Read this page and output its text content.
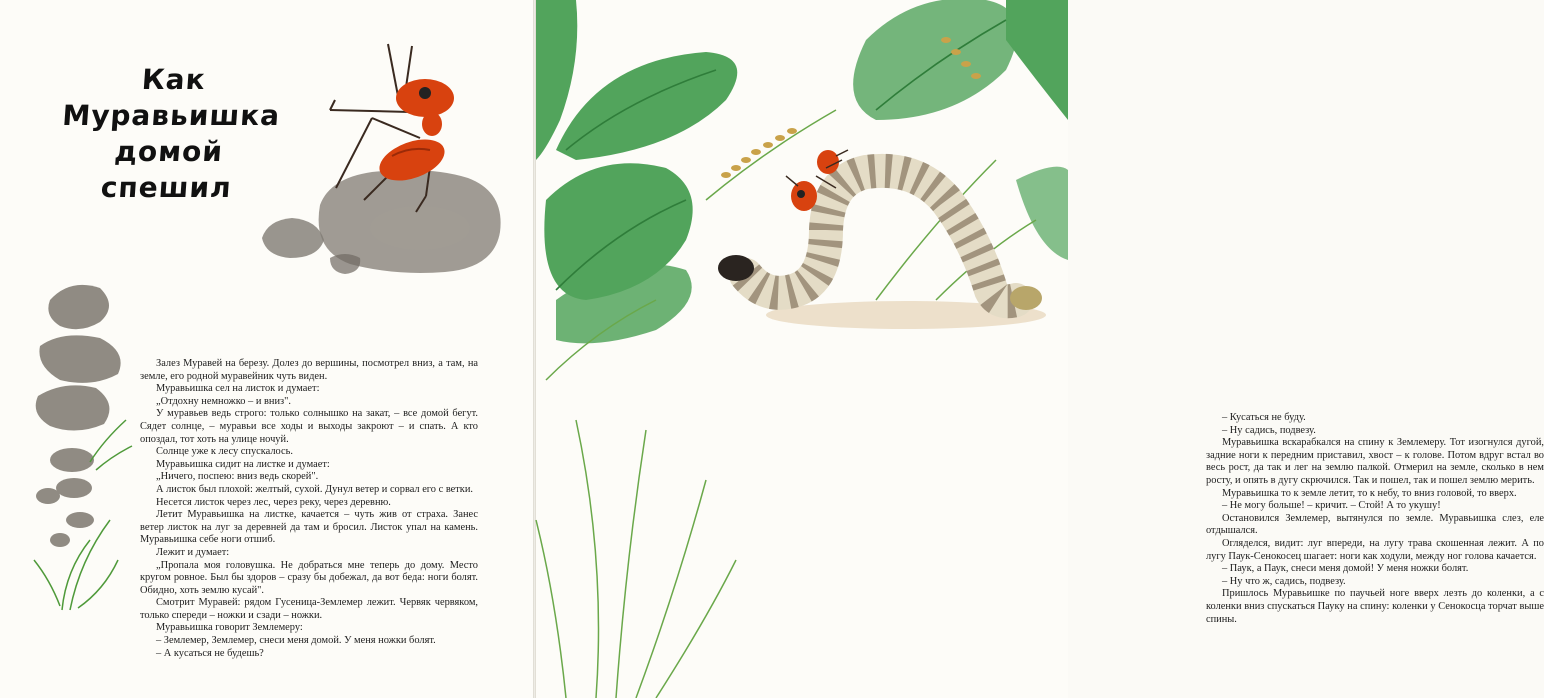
Как
Муравьишка
домой
спешил

Залез Муравей на березу. Долез до вершины, посмотрел вниз, а там, на земле, его родной муравейник чуть виден.

Муравьишка сел на листок и думает:

„Отдохну немножко – и вниз".

У муравьев ведь строго: только солнышко на закат, – все домой бегут. Сядет солнце, – муравьи все ходы и выходы закроют – и спать. А кто опоздал, тот хоть на улице ночуй.

Солнце уже к лесу спускалось.

Муравьишка сидит на листке и думает:

„Ничего, поспею: вниз ведь скорей".

А листок был плохой: желтый, сухой. Дунул ветер и сорвал его с ветки.

Несется листок через лес, через реку, через деревню.

Летит Муравьишка на листке, качается – чуть жив от страха. Занес ветер листок на луг за деревней да там и бросил. Листок упал на камень. Муравьишка себе ноги отшиб.

Лежит и думает:

„Пропала моя головушка. Не добраться мне теперь до дому. Место кругом ровное. Был бы здоров – сразу бы добежал, да вот беда: ноги болят. Обидно, хоть землю кусай".

Смотрит Муравей: рядом Гусеница-Землемер лежит. Червяк червяком, только спереди – ножки и сзади – ножки.

Муравьишка говорит Землемеру:

– Землемер, Землемер, снеси меня домой. У меня ножки болят.

– А кусаться не будешь?

– Кусаться не буду.

– Ну садись, подвезу.

Муравьишка вскарабкался на спину к Землемеру. Тот изогнулся дугой, задние ноги к передним приставил, хвост – к голове. Потом вдруг встал во весь рост, да так и лег на землю палкой. Отмерил на земле, сколько в нем росту, и опять в дугу скрючился. Так и пошел, так и пошел землю мерить.

Муравьишка то к земле летит, то к небу, то вниз головой, то вверх.

– Не могу больше! – кричит. – Стой! А то укушу!

Остановился Землемер, вытянулся по земле. Муравьишка слез, еле отдышался.

Огляделся, видит: луг впереди, на лугу трава скошенная лежит. А по лугу Паук-Сенокосец шагает: ноги как ходули, между ног голова качается.

– Паук, а Паук, снеси меня домой! У меня ножки болят.

– Ну что ж, садись, подвезу.

Пришлось Муравьишке по паучьей ноге вверх лезть до коленки, а с коленки вниз спускаться Пауку на спину: коленки у Сенокосца торчат выше спины.
